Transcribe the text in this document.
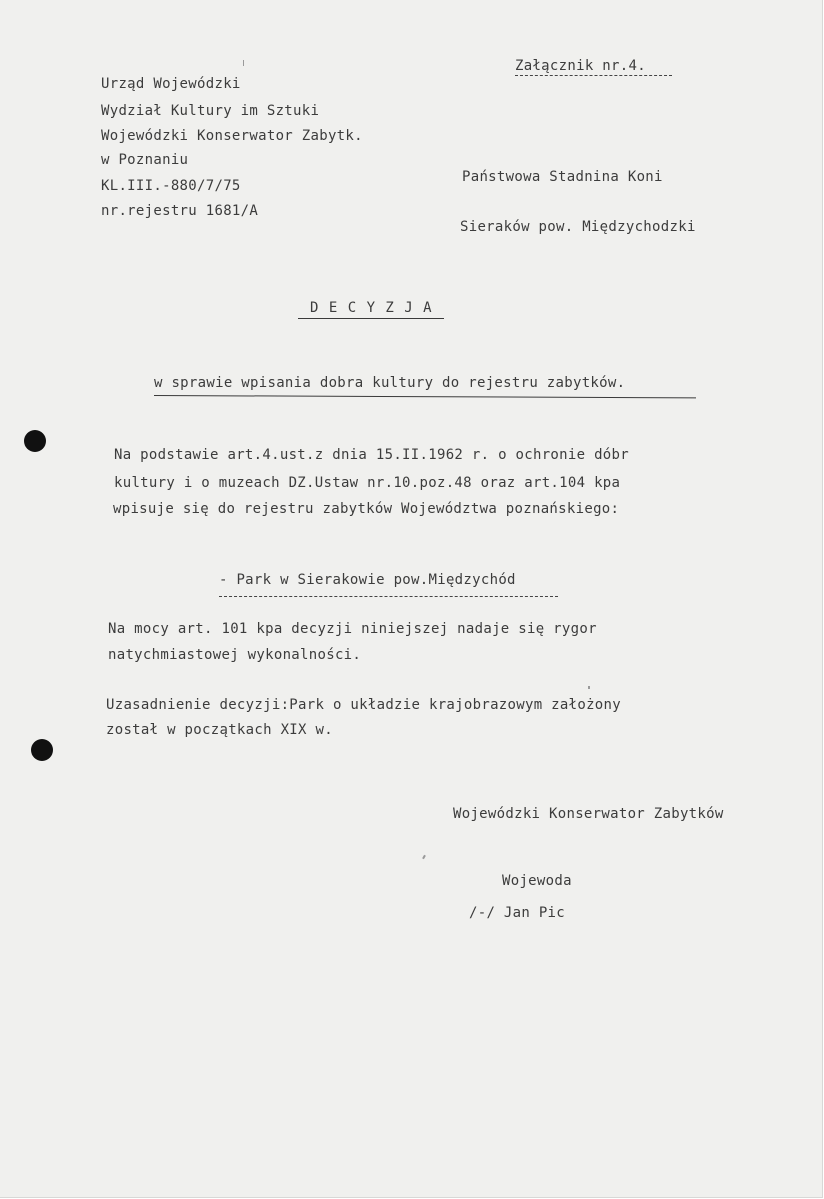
Załącznik nr.4.
Urząd Wojewódzki
Wydział Kultury im Sztuki
Wojewódzki Konserwator Zabytk.
w Poznaniu
KL.III.-880/7/75
nr.rejestru 1681/A
Państwowa Stadnina Koni
Sieraków pow. Międzychodzki
D E C Y Z J A
w sprawie wpisania dobra kultury do rejestru zabytków.
Na podstawie art.4.ust.z dnia 15.II.1962 r. o ochronie dóbr
kultury i o muzeach DZ.Ustaw nr.10.poz.48 oraz art.104 kpa
wpisuje się do rejestru zabytków Województwa poznańskiego:
- Park w Sierakowie pow.Międzychód
Na mocy art. 101 kpa decyzji niniejszej nadaje się rygor
natychmiastowej wykonalności.
Uzasadnienie decyzji:Park o układzie krajobrazowym założony
został w początkach XIX w.
Wojewódzki Konserwator Zabytków
Wojewoda
/-/ Jan Pic
